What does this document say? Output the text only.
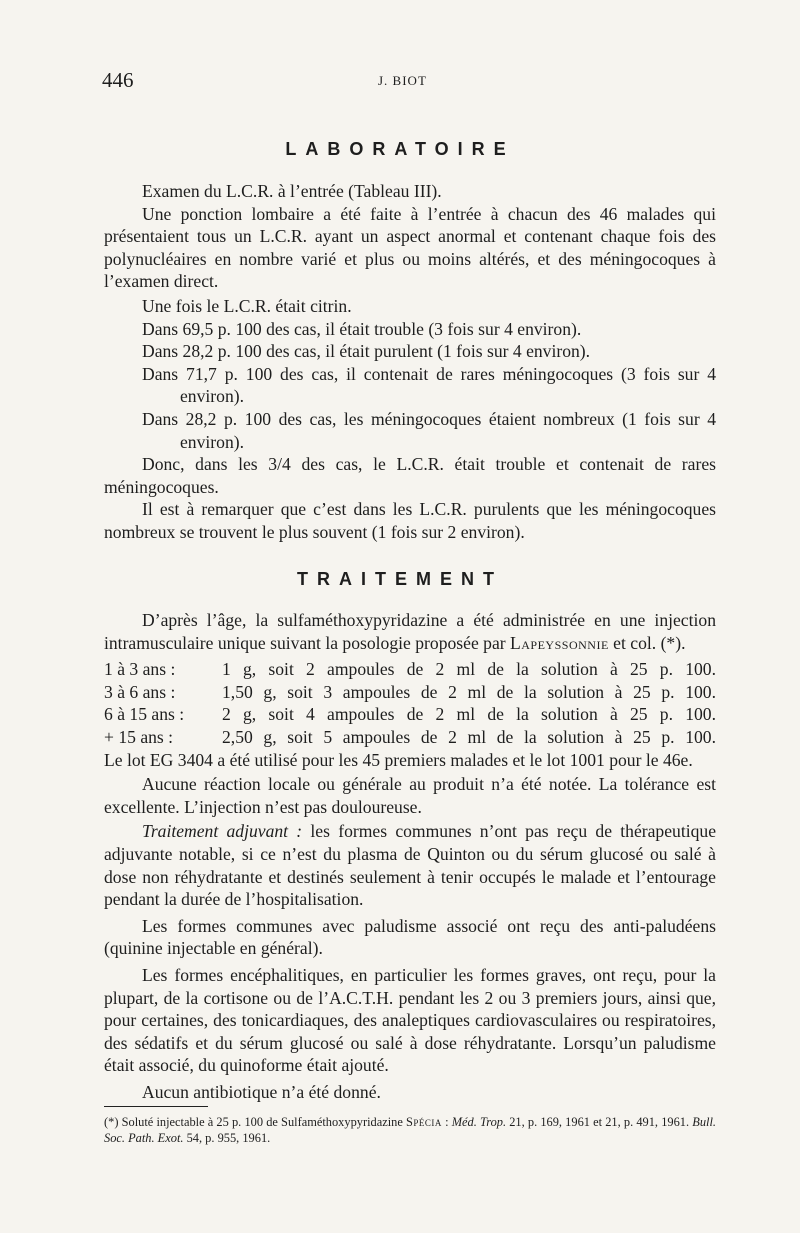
446	J. BIOT
LABORATOIRE

Examen du L.C.R. à l’entrée (Tableau III).

Une ponction lombaire a été faite à l’entrée à chacun des 46 malades qui présentaient tous un L.C.R. ayant un aspect anormal et contenant chaque fois des polynucléaires en nombre varié et plus ou moins altérés, et des méningocoques à l’examen direct.

Une fois le L.C.R. était citrin.

Dans 69,5 p. 100 des cas, il était trouble (3 fois sur 4 environ).

Dans 28,2 p. 100 des cas, il était purulent (1 fois sur 4 environ).

Dans 71,7 p. 100 des cas, il contenait de rares méningocoques (3 fois sur 4 environ).

Dans 28,2 p. 100 des cas, les méningocoques étaient nombreux (1 fois sur 4 environ).

Donc, dans les 3/4 des cas, le L.C.R. était trouble et contenait de rares méningocoques.

Il est à remarquer que c’est dans les L.C.R. purulents que les méningocoques nombreux se trouvent le plus souvent (1 fois sur 2 environ).

TRAITEMENT

D’après l’âge, la sulfaméthoxypyridazine a été administrée en une injection intramusculaire unique suivant la posologie proposée par Lapeyssonnie et col. (*).

1 à 3 ans :	1 g, soit 2 ampoules de 2 ml de la solution à 25 p. 100.
3 à 6 ans :	1,50 g, soit 3 ampoules de 2 ml de la solution à 25 p. 100.
6 à 15 ans :	2 g, soit 4 ampoules de 2 ml de la solution à 25 p. 100.
+ 15 ans :	2,50 g, soit 5 ampoules de 2 ml de la solution à 25 p. 100.

Le lot EG 3404 a été utilisé pour les 45 premiers malades et le lot 1001 pour le 46e.

Aucune réaction locale ou générale au produit n’a été notée. La tolérance est excellente. L’injection n’est pas douloureuse.

Traitement adjuvant : les formes communes n’ont pas reçu de thérapeutique adjuvante notable, si ce n’est du plasma de Quinton ou du sérum glucosé ou salé à dose non réhydratante et destinés seulement à tenir occupés le malade et l’entourage pendant la durée de l’hospitalisation.

Les formes communes avec paludisme associé ont reçu des anti-paludéens (quinine injectable en général).

Les formes encéphalitiques, en particulier les formes graves, ont reçu, pour la plupart, de la cortisone ou de l’A.C.T.H. pendant les 2 ou 3 premiers jours, ainsi que, pour certaines, des tonicardiaques, des analeptiques cardiovasculaires ou respiratoires, des sédatifs et du sérum glucosé ou salé à dose réhydratante. Lorsqu’un paludisme était associé, du quinoforme était ajouté.

Aucun antibiotique n’a été donné.

(*) Soluté injectable à 25 p. 100 de Sulfaméthoxypyridazine Spécia : Méd. Trop. 21, p. 169, 1961 et 21, p. 491, 1961. Bull. Soc. Path. Exot. 54, p. 955, 1961.
